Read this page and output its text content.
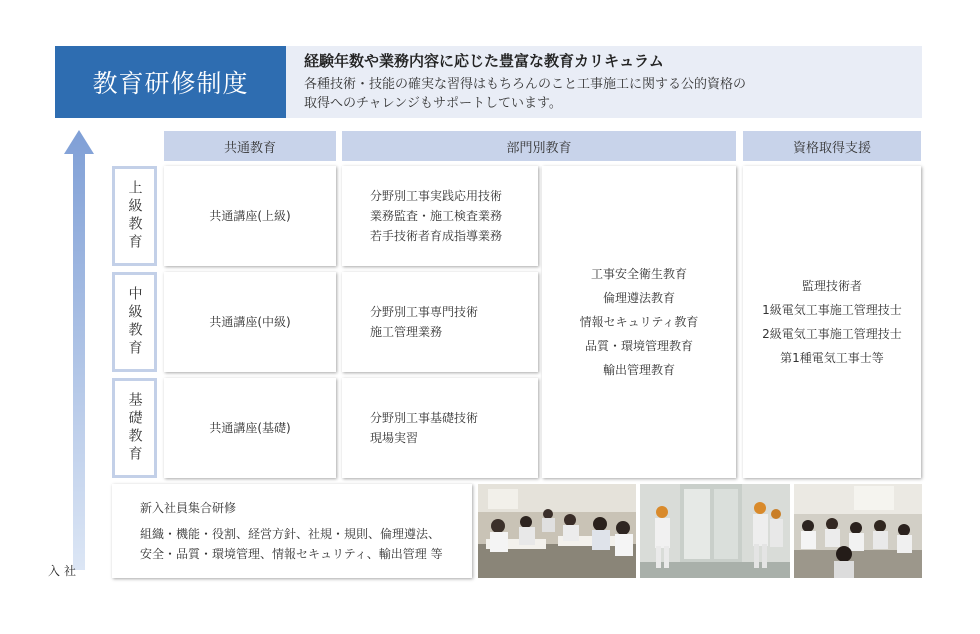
教育研修制度
経験年数や業務内容に応じた豊富な教育カリキュラム
各種技術・技能の確実な習得はもちろんのこと工事施工に関する公的資格の
取得へのチャレンジもサポートしています。
入社
共通教育	部門別教育	資格取得支援
上級教育
中級教育
基礎教育
共通講座(上級)
共通講座(中級)
共通講座(基礎)
分野別工事実践応用技術
業務監査・施工検査業務
若手技術者育成指導業務
分野別工事専門技術
施工管理業務
分野別工事基礎技術
現場実習
工事安全衛生教育
倫理遵法教育
情報セキュリティ教育
品質・環境管理教育
輸出管理教育
監理技術者
1級電気工事施工管理技士
2級電気工事施工管理技士
第1種電気工事士等
新入社員集合研修
組織・機能・役割、経営方針、社規・規則、倫理遵法、
安全・品質・環境管理、情報セキュリティ、輸出管理 等
